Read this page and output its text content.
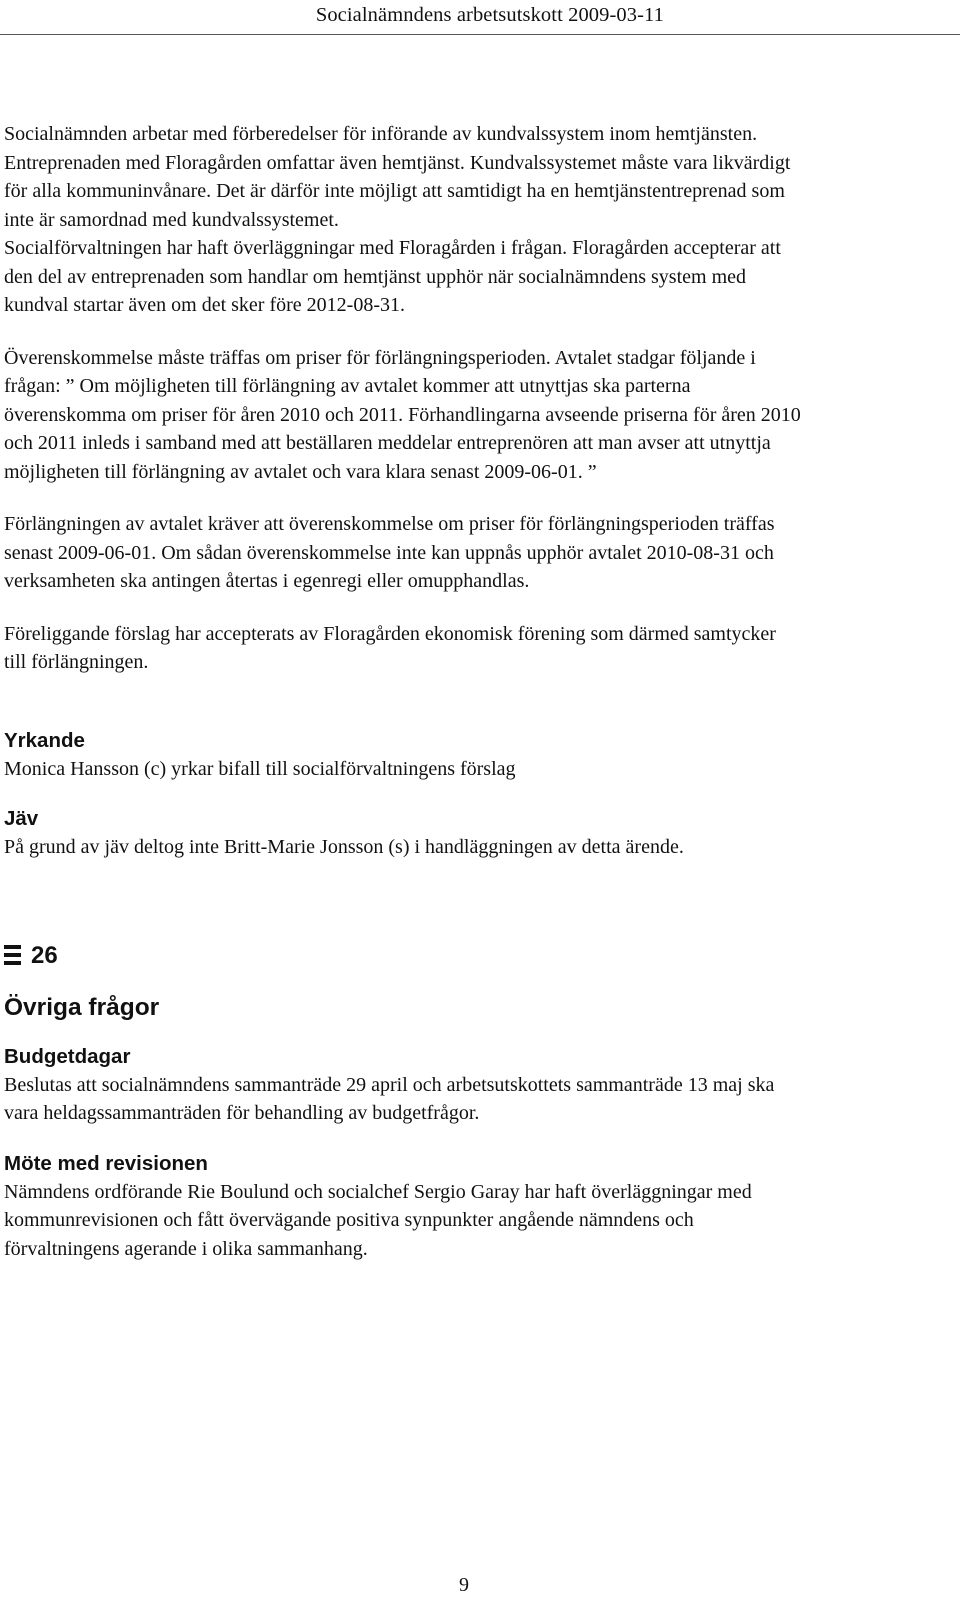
Socialnämndens arbetsutskott 2009-03-11

Socialnämnden arbetar med förberedelser för införande av kundvalssystem inom hemtjänsten.

Entreprenaden med Floragården omfattar även hemtjänst. Kundvalssystemet måste vara likvärdigt

för alla kommuninvånare. Det är därför inte möjligt att samtidigt ha en hemtjänstentreprenad som

inte är samordnad med kundvalssystemet.

Socialförvaltningen har haft överläggningar med Floragården i frågan. Floragården accepterar att

den del av entreprenaden som handlar om hemtjänst upphör när socialnämndens system med

kundval startar även om det sker före 2012-08-31.

Överenskommelse måste träffas om priser för förlängningsperioden. Avtalet stadgar följande i

frågan: ” Om möjligheten till förlängning av avtalet kommer att utnyttjas ska parterna

överenskomma om priser för åren 2010 och 2011. Förhandlingarna avseende priserna för åren 2010

och 2011 inleds i samband med att beställaren meddelar entreprenören att man avser att utnyttja

möjligheten till förlängning av avtalet och vara klara senast 2009-06-01. ”

Förlängningen av avtalet kräver att överenskommelse om priser för förlängningsperioden träffas

senast 2009-06-01. Om sådan överenskommelse inte kan uppnås upphör avtalet 2010-08-31 och

verksamheten ska antingen återtas i egenregi eller omupphandlas.

Föreliggande förslag har accepterats av Floragården ekonomisk förening som därmed samtycker

till förlängningen.

Yrkande

Monica Hansson (c) yrkar bifall till socialförvaltningens förslag

Jäv

På grund av jäv deltog inte Britt-Marie Jonsson (s) i handläggningen av detta ärende.

26
Övriga frågor
Budgetdagar

Beslutas att socialnämndens sammanträde 29 april och arbetsutskottets sammanträde 13 maj ska

vara heldagssammanträden för behandling av budgetfrågor.

Möte med revisionen

Nämndens ordförande Rie Boulund och socialchef Sergio Garay har haft överläggningar med

kommunrevisionen och fått övervägande positiva synpunkter angående nämndens och

förvaltningens agerande i olika sammanhang.

9
